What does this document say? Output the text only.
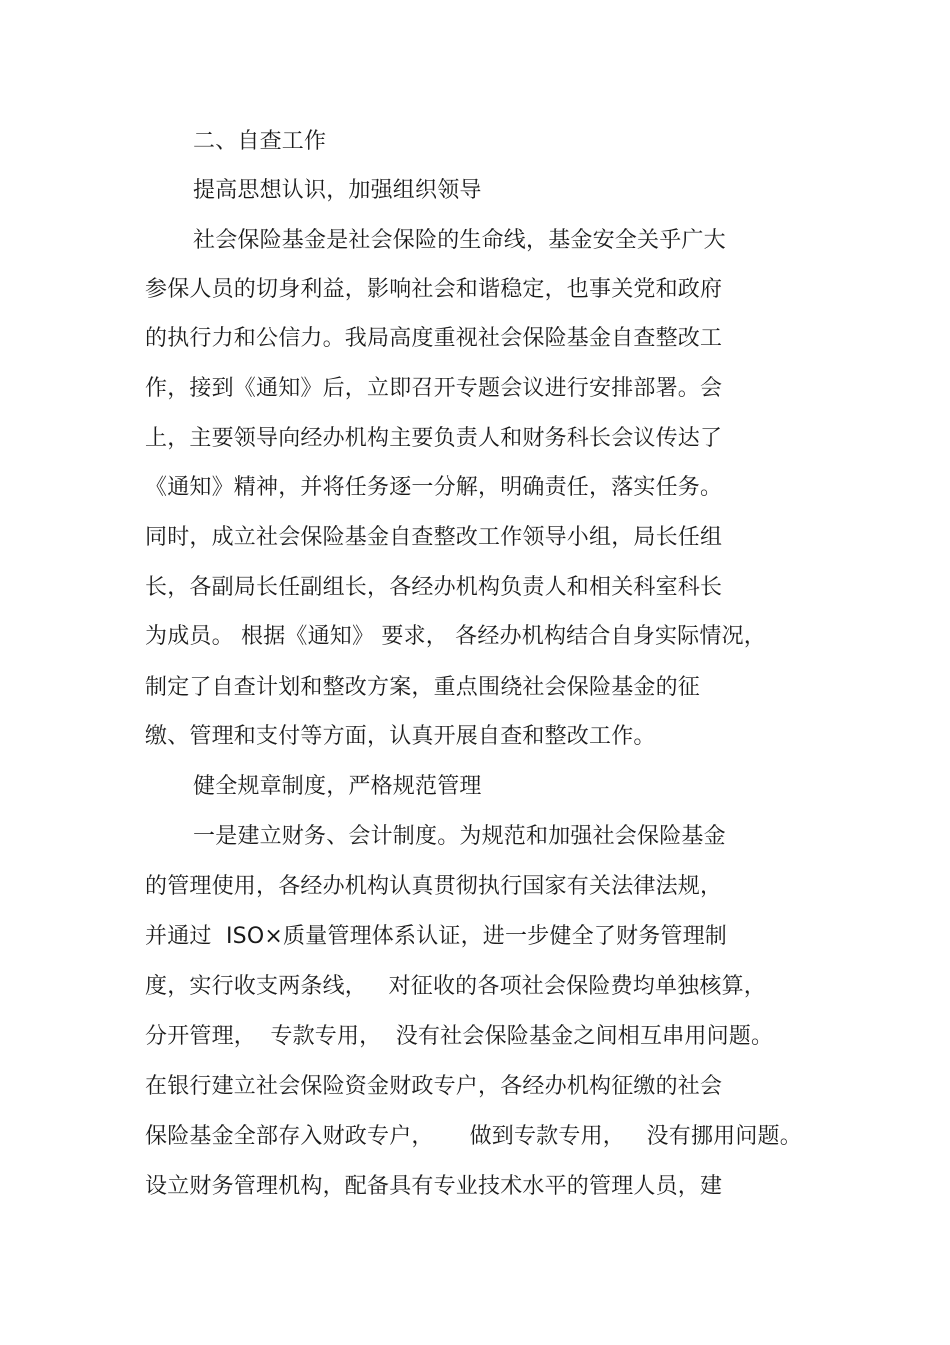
二、自查工作
提高思想认识，加强组织领导
社会保险基金是社会保险的生命线，基金安全关乎广大
参保人员的切身利益，影响社会和谐稳定，也事关党和政府
的执行力和公信力。我局高度重视社会保险基金自查整改工
作，接到《通知》后，立即召开专题会议进行安排部署。会
上，主要领导向经办机构主要负责人和财务科长会议传达了
《通知》精神，并将任务逐一分解，明确责任，落实任务。
同时，成立社会保险基金自查整改工作领导小组，局长任组
长，各副局长任副组长，各经办机构负责人和相关科室科长
为成员。 根据《通知》 要求， 各经办机构结合自身实际情况，
制定了自查计划和整改方案，重点围绕社会保险基金的征
缴、管理和支付等方面，认真开展自查和整改工作。
健全规章制度，严格规范管理
一是建立财务、会计制度。为规范和加强社会保险基金
的管理使用，各经办机构认真贯彻执行国家有关法律法规，
并通过  ISO×质量管理体系认证，进一步健全了财务管理制
度，实行收支两条线，   对征收的各项社会保险费均单独核算，
分开管理，  专款专用，  没有社会保险基金之间相互串用问题。
在银行建立社会保险资金财政专户，各经办机构征缴的社会
保险基金全部存入财政专户，     做到专款专用，   没有挪用问题。
设立财务管理机构，配备具有专业技术水平的管理人员，建
